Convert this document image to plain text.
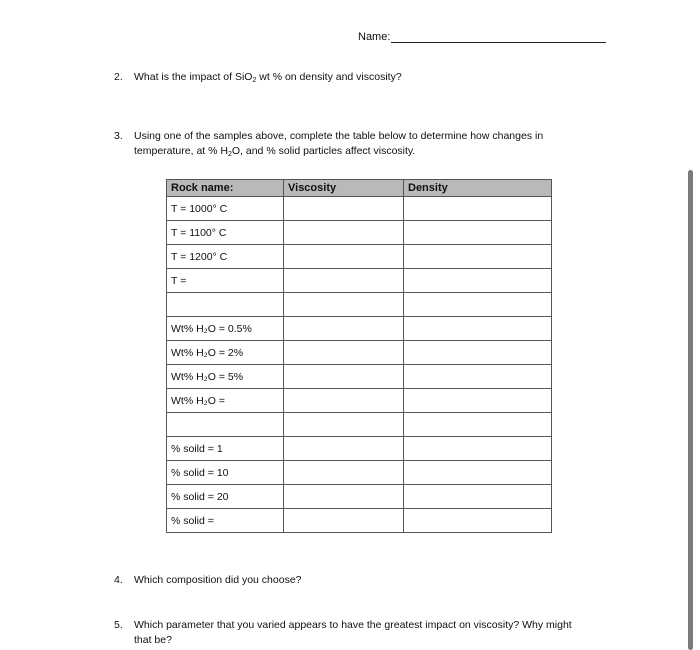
Name:
2.	What is the impact of SiO$_2$ wt % on density and viscosity?
3.	Using one of the samples above, complete the table below to determine how changes in
temperature, at % $H_2O$, and % solid particles affect viscosity.
Rock name:	Viscosity	Density
T = 1000° C		
T = 1100° C		
T = 1200° C		
T =		

Wt% H₂O = 0.5%		
Wt% H₂O = 2%		
Wt% H₂O = 5%		
Wt% H₂O =		

% soild = 1		
% solid = 10		
% solid = 20		
% solid =		
4.	Which composition did you choose?
5.	Which parameter that you varied appears to have the greatest impact on viscosity? Why might
that be?
